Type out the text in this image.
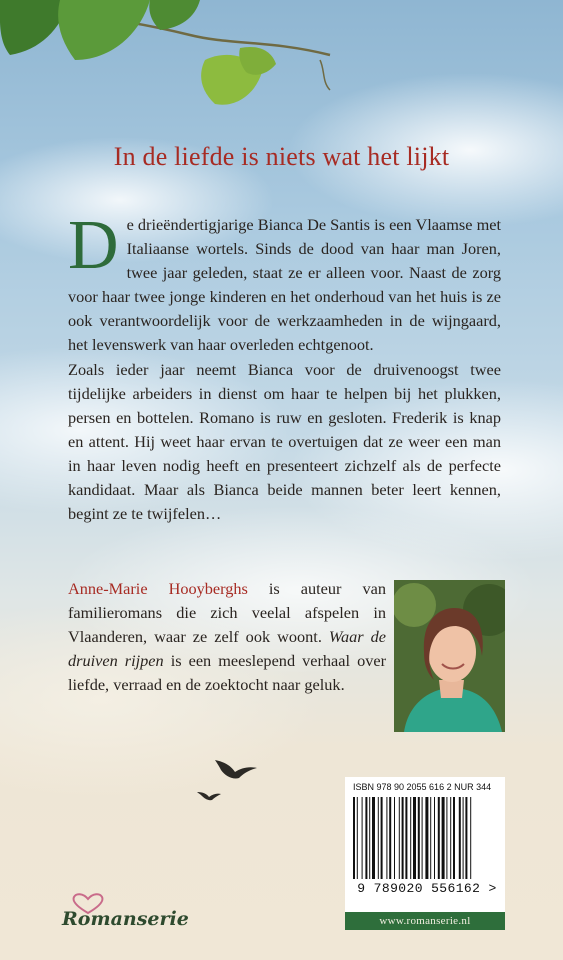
In de liefde is niets wat het lijkt

De drieëndertigjarige Bianca De Santis is een Vlaamse met Italiaanse wortels. Sinds de dood van haar man Joren, twee jaar geleden, staat ze er alleen voor. Naast de zorg voor haar twee jonge kinderen en het onderhoud van het huis is ze ook verantwoordelijk voor de werkzaamheden in de wijngaard, het levenswerk van haar overleden echtgenoot.

Zoals ieder jaar neemt Bianca voor de druivenoogst twee tijdelijke arbeiders in dienst om haar te helpen bij het plukken, persen en bottelen. Romano is ruw en gesloten. Frederik is knap en attent. Hij weet haar ervan te overtuigen dat ze weer een man in haar leven nodig heeft en presenteert zichzelf als de perfecte kandidaat. Maar als Bianca beide mannen beter leert kennen, begint ze te twijfelen…

Anne-Marie Hooyberghs is auteur van familieromans die zich veelal afspelen in Vlaanderen, waar ze zelf ook woont. Waar de druiven rijpen is een meeslepend verhaal over liefde, verraad en de zoektocht naar geluk.

ISBN 978 90 2055 616 2 NUR 344
9 789020 556162 >
www.romanserie.nl
Romanserie
